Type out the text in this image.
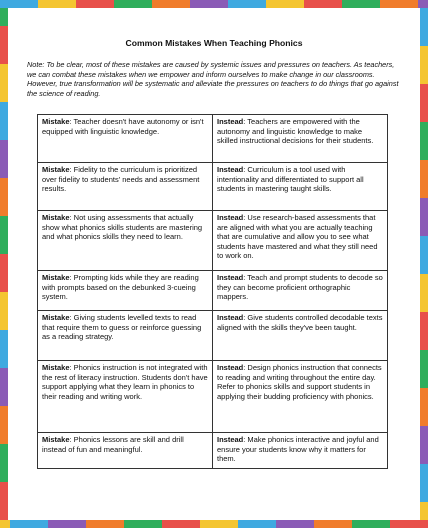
Common Mistakes When Teaching Phonics
Note: To be clear, most of these mistakes are caused by systemic issues and pressures on teachers. As teachers, we can combat these mistakes when we empower and inform ourselves to make change in our classrooms. However, true transformation will be systematic and alleviate the pressures on teachers to do things that go against the science of reading.
Mistake: Teacher doesn't have autonomy or isn't equipped with linguistic knowledge.	Instead: Teachers are empowered with the autonomy and linguistic knowledge to make skilled instructional decisions for their students.
Mistake: Fidelity to the curriculum is prioritized over fidelity to students' needs and assessment results.	Instead: Curriculum is a tool used with intentionality and differentiated to support all students in mastering taught skills.
Mistake: Not using assessments that actually show what phonics skills students are mastering and what phonics skills they need to learn.	Instead: Use research-based assessments that are aligned with what you are actually teaching that are cumulative and allow you to see what students have mastered and what they still need to work on.
Mistake: Prompting kids while they are reading with prompts based on the debunked 3-cueing system.	Instead: Teach and prompt students to decode so they can become proficient orthographic mappers.
Mistake: Giving students levelled texts to read that require them to guess or reinforce guessing as a reading strategy.	Instead: Give students controlled decodable texts aligned with the skills they've been taught.
Mistake: Phonics instruction is not integrated with the rest of literacy instruction. Students don't have support applying what they learn in phonics to their reading and writing work.	Instead: Design phonics instruction that connects to reading and writing throughout the entire day. Refer to phonics skills and support students in applying their budding proficiency with phonics.
Mistake: Phonics lessons are skill and drill instead of fun and meaningful.	Instead: Make phonics interactive and joyful and ensure your students know why it matters for them.
